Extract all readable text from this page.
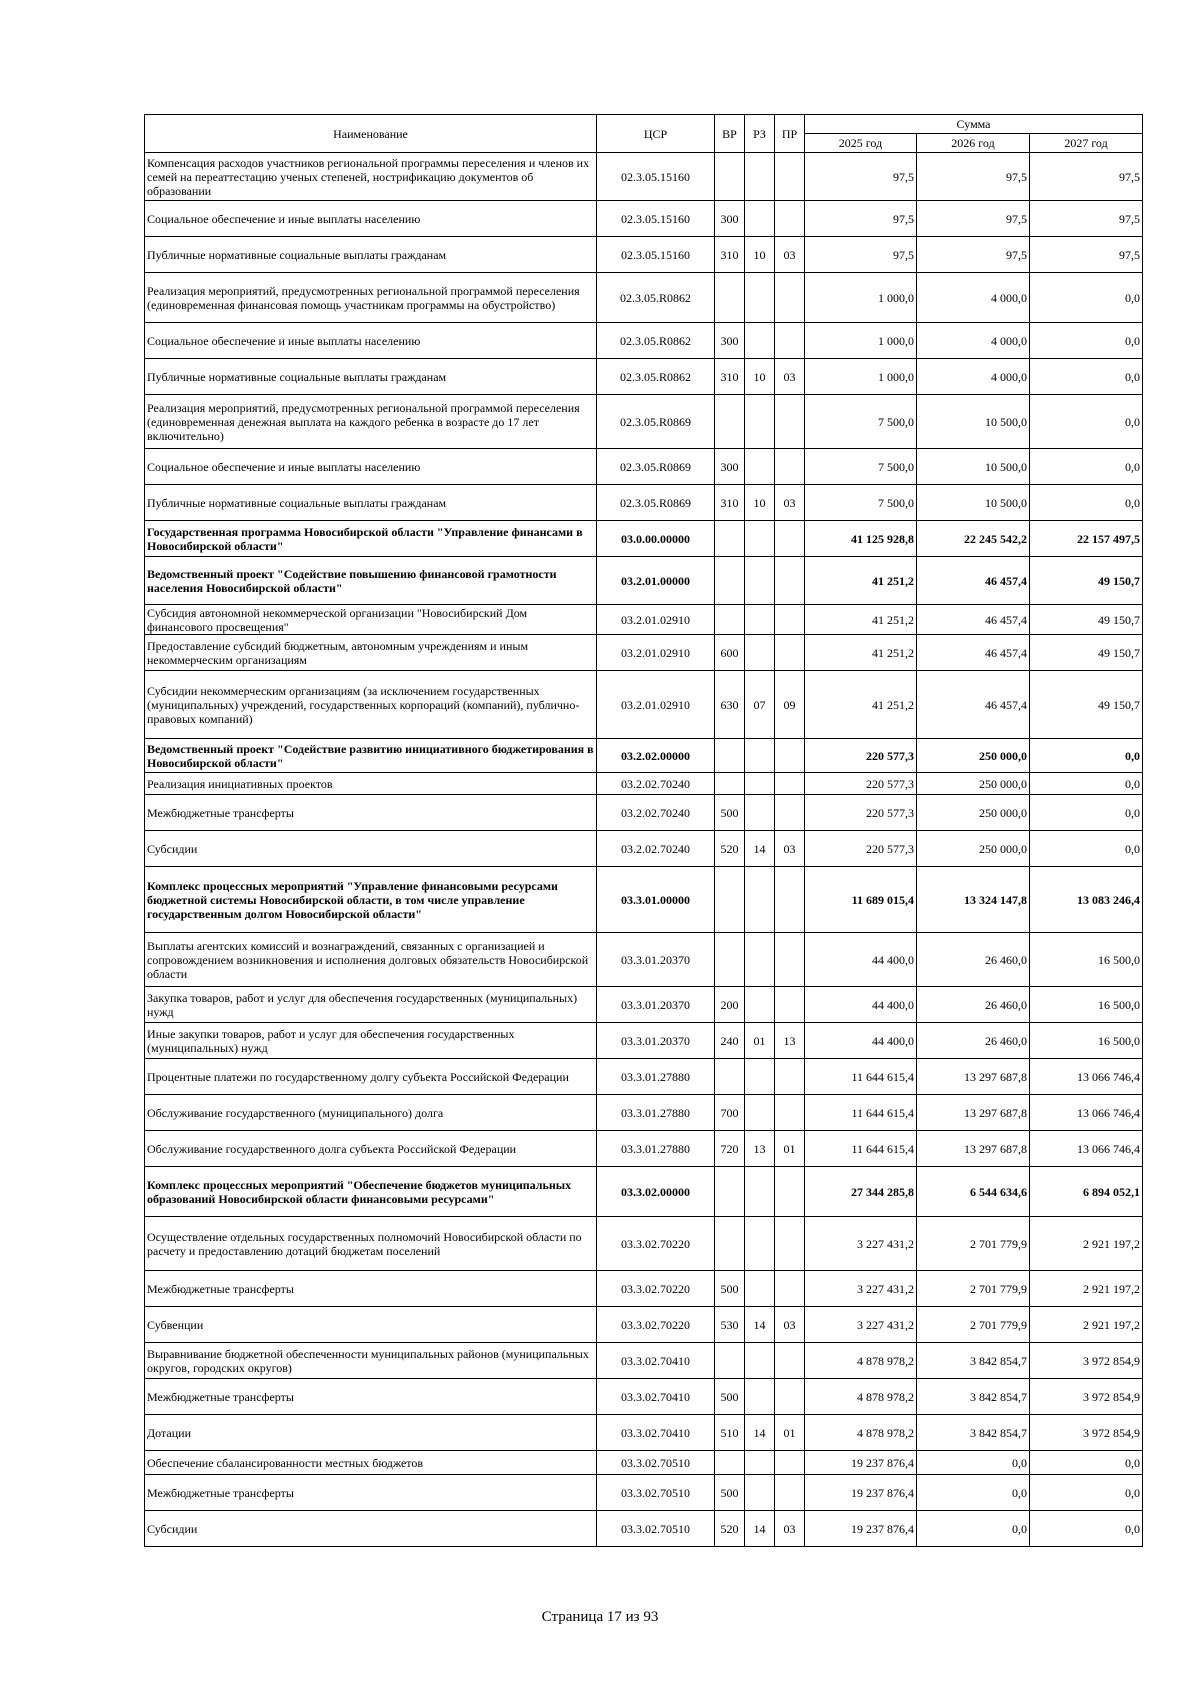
Наименование	ЦСР	ВР	РЗ	ПР	Сумма		
					2025 год	2026 год	2027 год
Компенсация расходов участников региональной программы переселения и членов их семей на переаттестацию ученых степеней, нострификацию документов об образовании	02.3.05.15160				97,5	97,5	97,5
Социальное обеспечение и иные выплаты населению	02.3.05.15160	300			97,5	97,5	97,5
Публичные нормативные социальные выплаты гражданам	02.3.05.15160	310	10	03	97,5	97,5	97,5
Реализация мероприятий, предусмотренных региональной программой переселения (единовременная финансовая помощь участникам программы на обустройство)	02.3.05.R0862				1 000,0	4 000,0	0,0
Социальное обеспечение и иные выплаты населению	02.3.05.R0862	300			1 000,0	4 000,0	0,0
Публичные нормативные социальные выплаты гражданам	02.3.05.R0862	310	10	03	1 000,0	4 000,0	0,0
Реализация мероприятий, предусмотренных региональной программой переселения (единовременная денежная выплата на каждого ребенка в возрасте до 17 лет включительно)	02.3.05.R0869				7 500,0	10 500,0	0,0
Социальное обеспечение и иные выплаты населению	02.3.05.R0869	300			7 500,0	10 500,0	0,0
Публичные нормативные социальные выплаты гражданам	02.3.05.R0869	310	10	03	7 500,0	10 500,0	0,0
Государственная программа Новосибирской области "Управление финансами в Новосибирской области"	03.0.00.00000				41 125 928,8	22 245 542,2	22 157 497,5
Ведомственный проект "Содействие повышению финансовой грамотности населения Новосибирской области"	03.2.01.00000				41 251,2	46 457,4	49 150,7
Субсидия автономной некоммерческой организации "Новосибирский Дом финансового просвещения"	03.2.01.02910				41 251,2	46 457,4	49 150,7
Предоставление субсидий бюджетным, автономным учреждениям и иным некоммерческим организациям	03.2.01.02910	600			41 251,2	46 457,4	49 150,7
Субсидии некоммерческим организациям (за исключением государственных (муниципальных) учреждений, государственных корпораций (компаний), публично-правовых компаний)	03.2.01.02910	630	07	09	41 251,2	46 457,4	49 150,7
Ведомственный проект "Содействие развитию инициативного бюджетирования в Новосибирской области"	03.2.02.00000				220 577,3	250 000,0	0,0
Реализация инициативных проектов	03.2.02.70240				220 577,3	250 000,0	0,0
Межбюджетные трансферты	03.2.02.70240	500			220 577,3	250 000,0	0,0
Субсидии	03.2.02.70240	520	14	03	220 577,3	250 000,0	0,0
Комплекс процессных мероприятий "Управление финансовыми ресурсами бюджетной системы Новосибирской области, в том числе управление государственным долгом Новосибирской области"	03.3.01.00000				11 689 015,4	13 324 147,8	13 083 246,4
Выплаты агентских комиссий и вознаграждений, связанных с организацией и сопровождением возникновения и исполнения долговых обязательств Новосибирской области	03.3.01.20370				44 400,0	26 460,0	16 500,0
Закупка товаров, работ и услуг для обеспечения государственных (муниципальных) нужд	03.3.01.20370	200			44 400,0	26 460,0	16 500,0
Иные закупки товаров, работ и услуг для обеспечения государственных (муниципальных) нужд	03.3.01.20370	240	01	13	44 400,0	26 460,0	16 500,0
Процентные платежи по государственному долгу субъекта Российской Федерации	03.3.01.27880				11 644 615,4	13 297 687,8	13 066 746,4
Обслуживание государственного (муниципального) долга	03.3.01.27880	700			11 644 615,4	13 297 687,8	13 066 746,4
Обслуживание государственного долга субъекта Российской Федерации	03.3.01.27880	720	13	01	11 644 615,4	13 297 687,8	13 066 746,4
Комплекс процессных мероприятий "Обеспечение бюджетов муниципальных образований Новосибирской области финансовыми ресурсами"	03.3.02.00000				27 344 285,8	6 544 634,6	6 894 052,1
Осуществление отдельных государственных полномочий Новосибирской области по расчету и предоставлению дотаций бюджетам поселений	03.3.02.70220				3 227 431,2	2 701 779,9	2 921 197,2
Межбюджетные трансферты	03.3.02.70220	500			3 227 431,2	2 701 779,9	2 921 197,2
Субвенции	03.3.02.70220	530	14	03	3 227 431,2	2 701 779,9	2 921 197,2
Выравнивание бюджетной обеспеченности муниципальных районов (муниципальных округов, городских округов)	03.3.02.70410				4 878 978,2	3 842 854,7	3 972 854,9
Межбюджетные трансферты	03.3.02.70410	500			4 878 978,2	3 842 854,7	3 972 854,9
Дотации	03.3.02.70410	510	14	01	4 878 978,2	3 842 854,7	3 972 854,9
Обеспечение сбалансированности местных бюджетов	03.3.02.70510				19 237 876,4	0,0	0,0
Межбюджетные трансферты	03.3.02.70510	500			19 237 876,4	0,0	0,0
Субсидии	03.3.02.70510	520	14	03	19 237 876,4	0,0	0,0
Страница 17 из 93
